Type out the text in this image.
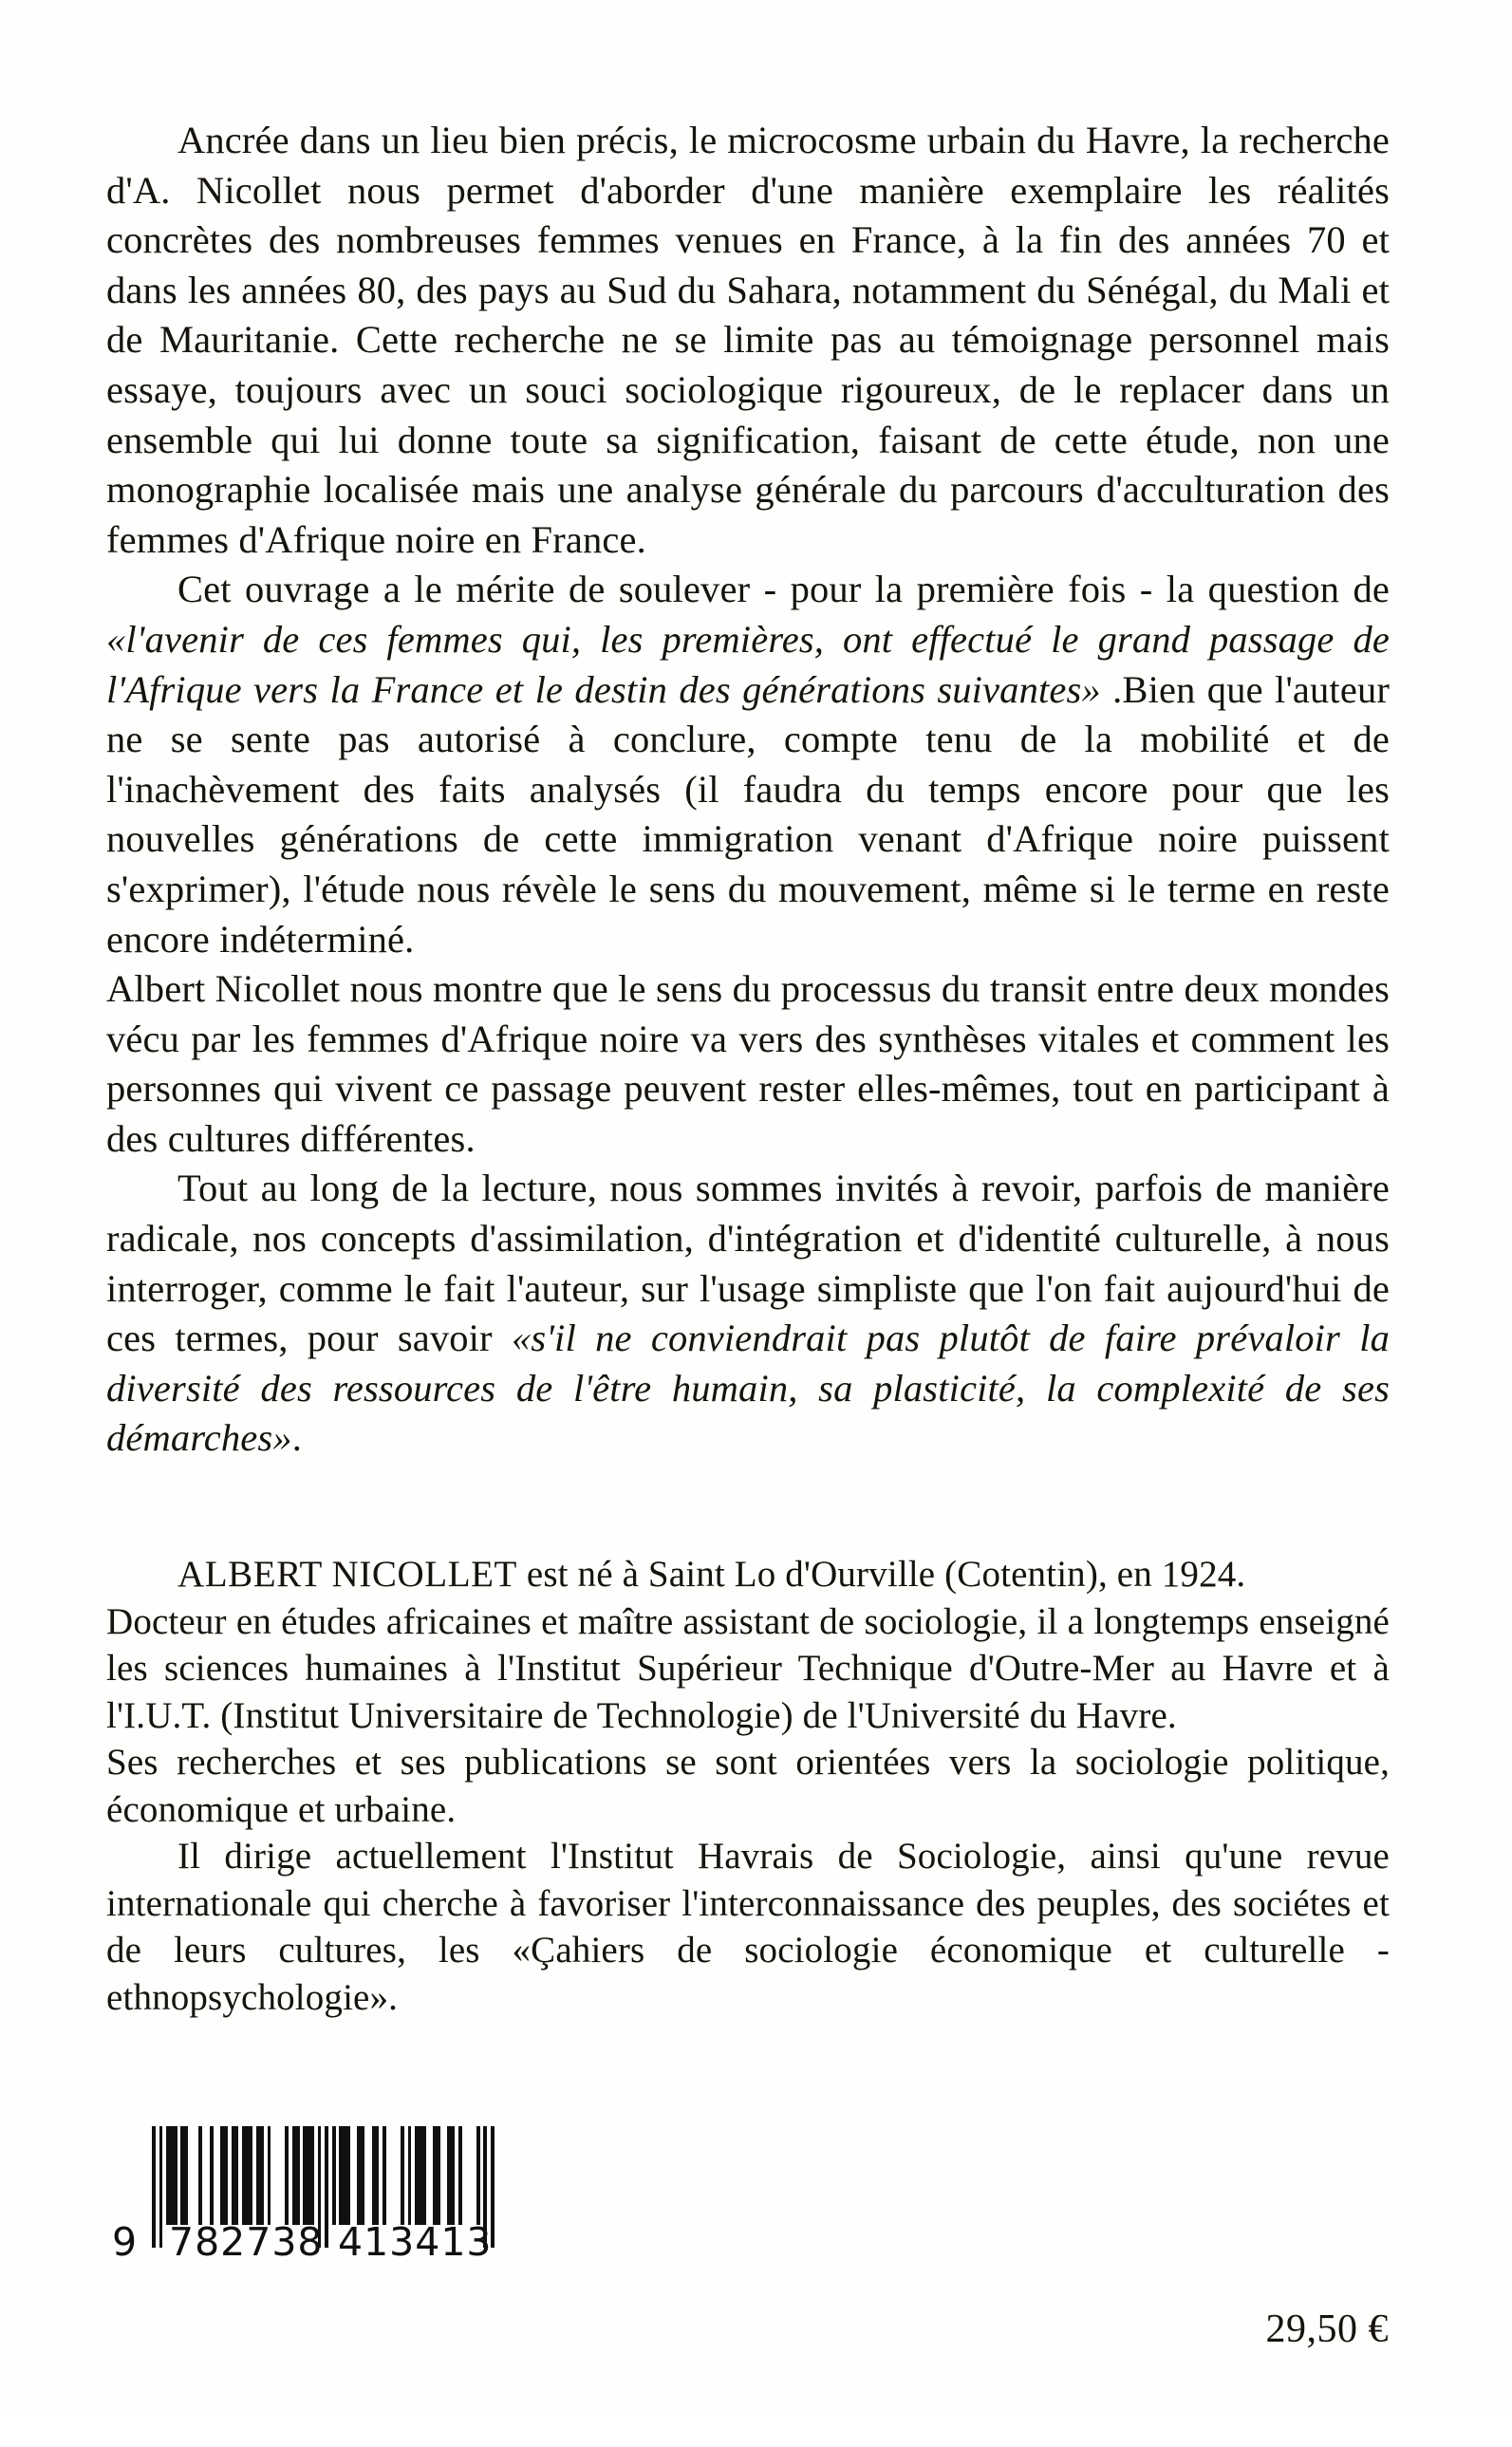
Ancrée dans un lieu bien précis, le microcosme urbain du Havre, la recherche d'A. Nicollet nous permet d'aborder d'une manière exemplaire les réalités concrètes des nombreuses femmes venues en France, à la fin des années 70 et dans les années 80, des pays au Sud du Sahara, notamment du Sénégal, du Mali et de Mauritanie. Cette recherche ne se limite pas au témoignage personnel mais essaye, toujours avec un souci sociologique rigoureux, de le replacer dans un ensemble qui lui donne toute sa signification, faisant de cette étude, non une monographie localisée mais une analyse générale du parcours d'acculturation des femmes d'Afrique noire en France.

Cet ouvrage a le mérite de soulever - pour la première fois - la question de «l'avenir de ces femmes qui, les premières, ont effectué le grand passage de l'Afrique vers la France et le destin des générations suivantes» .Bien que l'auteur ne se sente pas autorisé à conclure, compte tenu de la mobilité et de l'inachèvement des faits analysés (il faudra du temps encore pour que les nouvelles générations de cette immigration venant d'Afrique noire puissent s'exprimer), l'étude nous révèle le sens du mouvement, même si le terme en reste encore indéterminé.

Albert Nicollet nous montre que le sens du processus du transit entre deux mondes vécu par les femmes d'Afrique noire va vers des synthèses vitales et comment les personnes qui vivent ce passage peuvent rester elles-mêmes, tout en participant à des cultures différentes.

Tout au long de la lecture, nous sommes invités à revoir, parfois de manière radicale, nos concepts d'assimilation, d'intégration et d'identité culturelle, à nous interroger, comme le fait l'auteur, sur l'usage simpliste que l'on fait aujourd'hui de ces termes, pour savoir «s'il ne conviendrait pas plutôt de faire prévaloir la diversité des ressources de l'être humain, sa plasticité, la complexité de ses démarches».

ALBERT NICOLLET est né à Saint Lo d'Ourville (Cotentin), en 1924.

Docteur en études africaines et maître assistant de sociologie, il a longtemps enseigné les sciences humaines à l'Institut Supérieur Technique d'Outre-Mer au Havre et à l'I.U.T. (Institut Universitaire de Technologie) de l'Université du Havre.

Ses recherches et ses publications se sont orientées vers la sociologie politique, économique et urbaine.

Il dirige actuellement l'Institut Havrais de Sociologie, ainsi qu'une revue internationale qui cherche à favoriser l'interconnaissance des peuples, des sociétes et de leurs cultures, les «Çahiers de sociologie économique et culturelle - ethnopsychologie».

9

782738

413413

29,50 €
